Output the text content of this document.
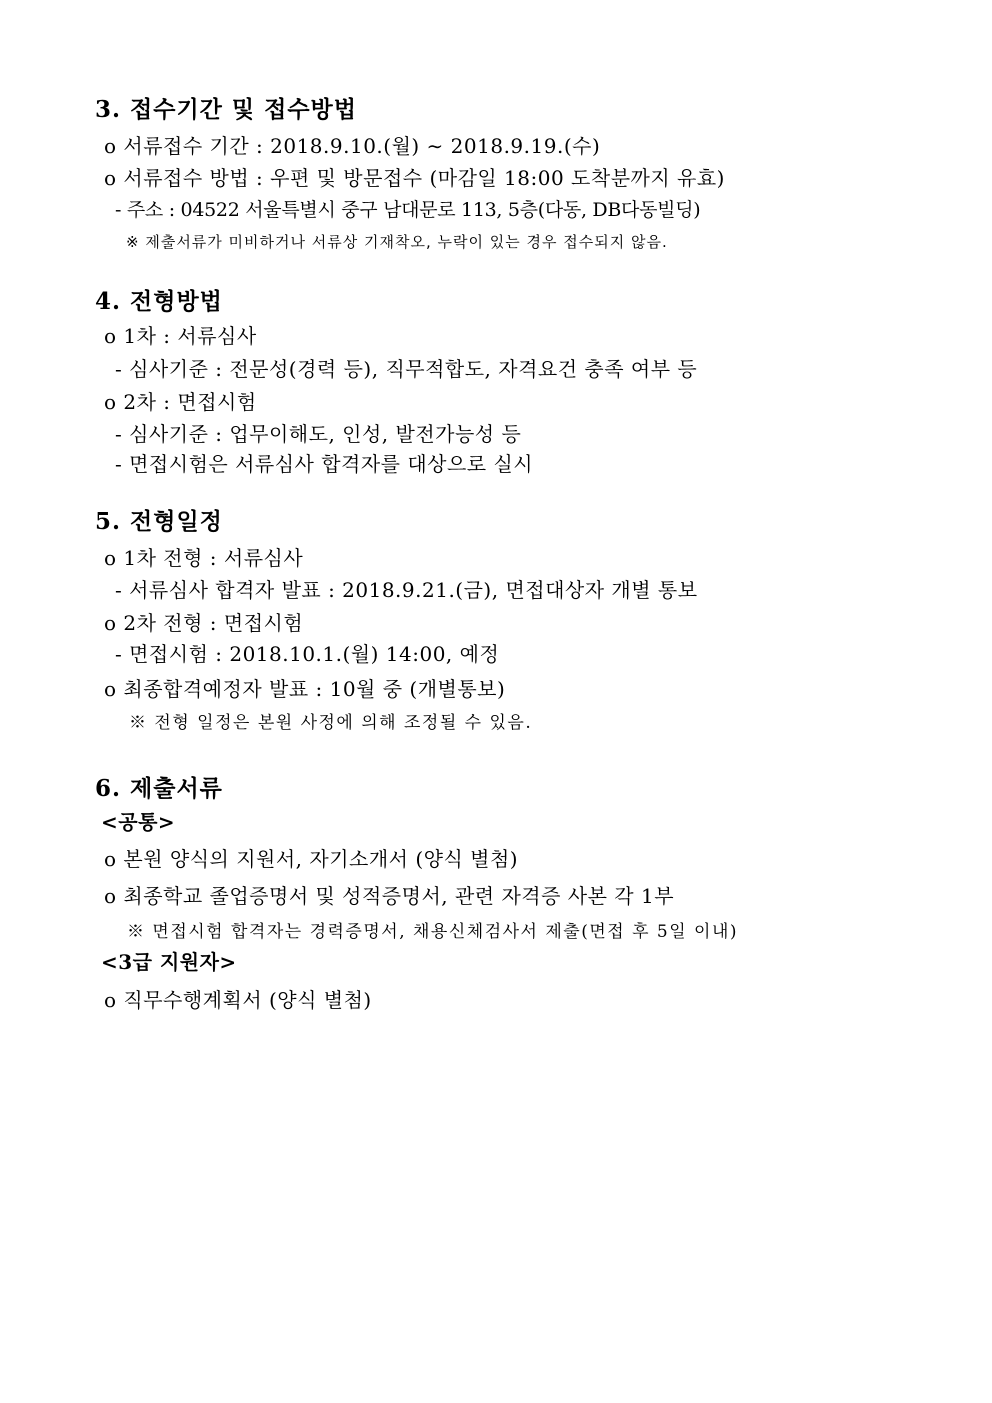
3. 접수기간 및 접수방법
o 서류접수 기간 : 2018.9.10.(월) ∼ 2018.9.19.(수)
o 서류접수 방법 : 우편 및 방문접수 (마감일 18:00 도착분까지 유효)
- 주소 : 04522 서울특별시 중구 남대문로 113, 5층(다동, DB다동빌딩)
※ 제출서류가 미비하거나 서류상 기재착오, 누락이 있는 경우 접수되지 않음.
4. 전형방법
o 1차 : 서류심사
- 심사기준 : 전문성(경력 등), 직무적합도, 자격요건 충족 여부 등
o 2차 : 면접시험
- 심사기준 : 업무이해도, 인성, 발전가능성 등
- 면접시험은 서류심사 합격자를 대상으로 실시
5. 전형일정
o 1차 전형 : 서류심사
- 서류심사 합격자 발표 : 2018.9.21.(금), 면접대상자 개별 통보
o 2차 전형 : 면접시험
- 면접시험 : 2018.10.1.(월) 14:00, 예정
o 최종합격예정자 발표 : 10월 중 (개별통보)
※ 전형 일정은 본원 사정에 의해 조정될 수 있음.
6. 제출서류
<공통>
o 본원 양식의 지원서, 자기소개서 (양식 별첨)
o 최종학교 졸업증명서 및 성적증명서, 관련 자격증 사본 각 1부
※ 면접시험 합격자는 경력증명서, 채용신체검사서 제출(면접 후 5일 이내)
<3급 지원자>
o 직무수행계획서 (양식 별첨)
